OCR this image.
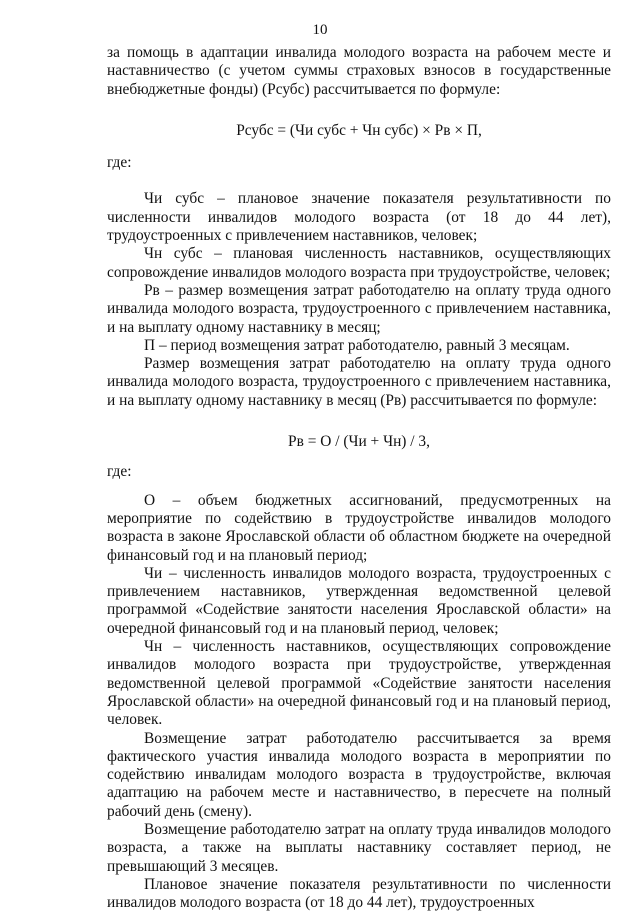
10

за помощь в адаптации инвалида молодого возраста на рабочем месте и наставничество (с учетом суммы страховых взносов в государственные внебюджетные фонды) (Рсубс) рассчитывается по формуле:

Рсубс = (Чи субс + Чн субс) × Рв × П,

где:

Чи субс – плановое значение показателя результативности по численности инвалидов молодого возраста (от 18 до 44 лет), трудоустроенных с привлечением наставников, человек;

Чн субс – плановая численность наставников, осуществляющих сопровождение инвалидов молодого возраста при трудоустройстве, человек;

Рв – размер возмещения затрат работодателю на оплату труда одного инвалида молодого возраста, трудоустроенного с привлечением наставника, и на выплату одному наставнику в месяц;

П – период возмещения затрат работодателю, равный 3 месяцам.

Размер возмещения затрат работодателю на оплату труда одного инвалида молодого возраста, трудоустроенного с привлечением наставника, и на выплату одному наставнику в месяц (Рв) рассчитывается по формуле:

Рв = О / (Чи + Чн) / 3,

где:

О – объем бюджетных ассигнований, предусмотренных на мероприятие по содействию в трудоустройстве инвалидов молодого возраста в законе Ярославской области об областном бюджете на очередной финансовый год и на плановый период;

Чи – численность инвалидов молодого возраста, трудоустроенных с привлечением наставников, утвержденная ведомственной целевой программой «Содействие занятости населения Ярославской области» на очередной финансовый год и на плановый период, человек;

Чн – численность наставников, осуществляющих сопровождение инвалидов молодого возраста при трудоустройстве, утвержденная ведомственной целевой программой «Содействие занятости населения Ярославской области» на очередной финансовый год и на плановый период, человек.

Возмещение затрат работодателю рассчитывается за время фактического участия инвалида молодого возраста в мероприятии по содействию инвалидам молодого возраста в трудоустройстве, включая адаптацию на рабочем месте и наставничество, в пересчете на полный рабочий день (смену).

Возмещение работодателю затрат на оплату труда инвалидов молодого возраста, а также на выплаты наставнику составляет период, не превышающий 3 месяцев.

Плановое значение показателя результативности по численности инвалидов молодого возраста (от 18 до 44 лет), трудоустроенных
